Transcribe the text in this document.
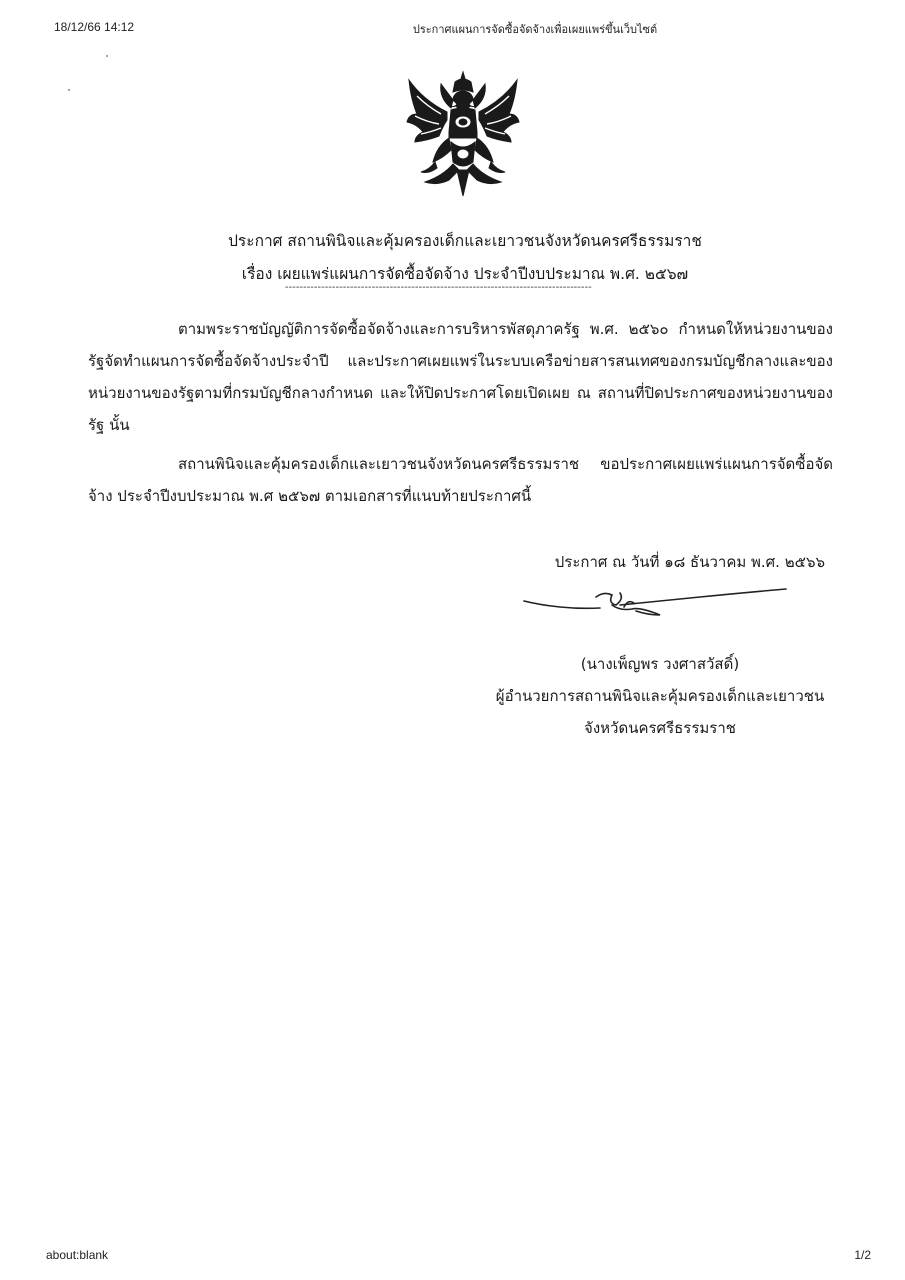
18/12/66 14:12	ประกาศแผนการจัดซื้อจัดจ้างเพื่อเผยแพร่ขึ้นเว็บไซต์
ประกาศ สถานพินิจและคุ้มครองเด็กและเยาวชนจังหวัดนครศรีธรรมราช
เรื่อง เผยแพร่แผนการจัดซื้อจัดจ้าง ประจำปีงบประมาณ พ.ศ. ๒๕๖๗
-------------------------------------------------------------------------------------

ตามพระราชบัญญัติการจัดซื้อจัดจ้างและการบริหารพัสดุภาครัฐ พ.ศ. ๒๕๖๐ กำหนดให้หน่วยงานของรัฐจัดทำแผนการจัดซื้อจัดจ้างประจำปี และประกาศเผยแพร่ในระบบเครือข่ายสารสนเทศของกรมบัญชีกลางและของหน่วยงานของรัฐตามที่กรมบัญชีกลางกำหนด และให้ปิดประกาศโดยเปิดเผย ณ สถานที่ปิดประกาศของหน่วยงานของรัฐ นั้น

สถานพินิจและคุ้มครองเด็กและเยาวชนจังหวัดนครศรีธรรมราช ขอประกาศเผยแพร่แผนการจัดซื้อจัดจ้าง ประจำปีงบประมาณ พ.ศ ๒๕๖๗ ตามเอกสารที่แนบท้ายประกาศนี้

ประกาศ ณ วันที่ ๑๘ ธันวาคม พ.ศ. ๒๕๖๖
(นางเพ็ญพร วงศาสวัสดิ์)
ผู้อำนวยการสถานพินิจและคุ้มครองเด็กและเยาวชน
จังหวัดนครศรีธรรมราช
about:blank	1/2
